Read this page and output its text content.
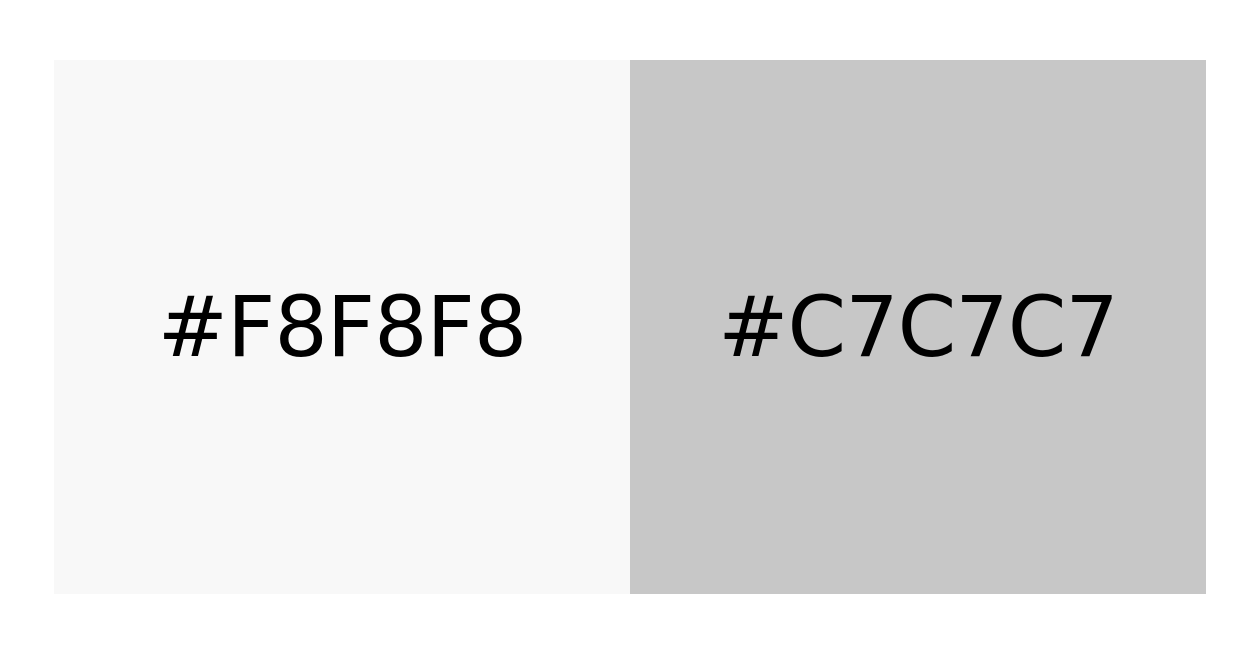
#F8F8F8 #C7C7C7
